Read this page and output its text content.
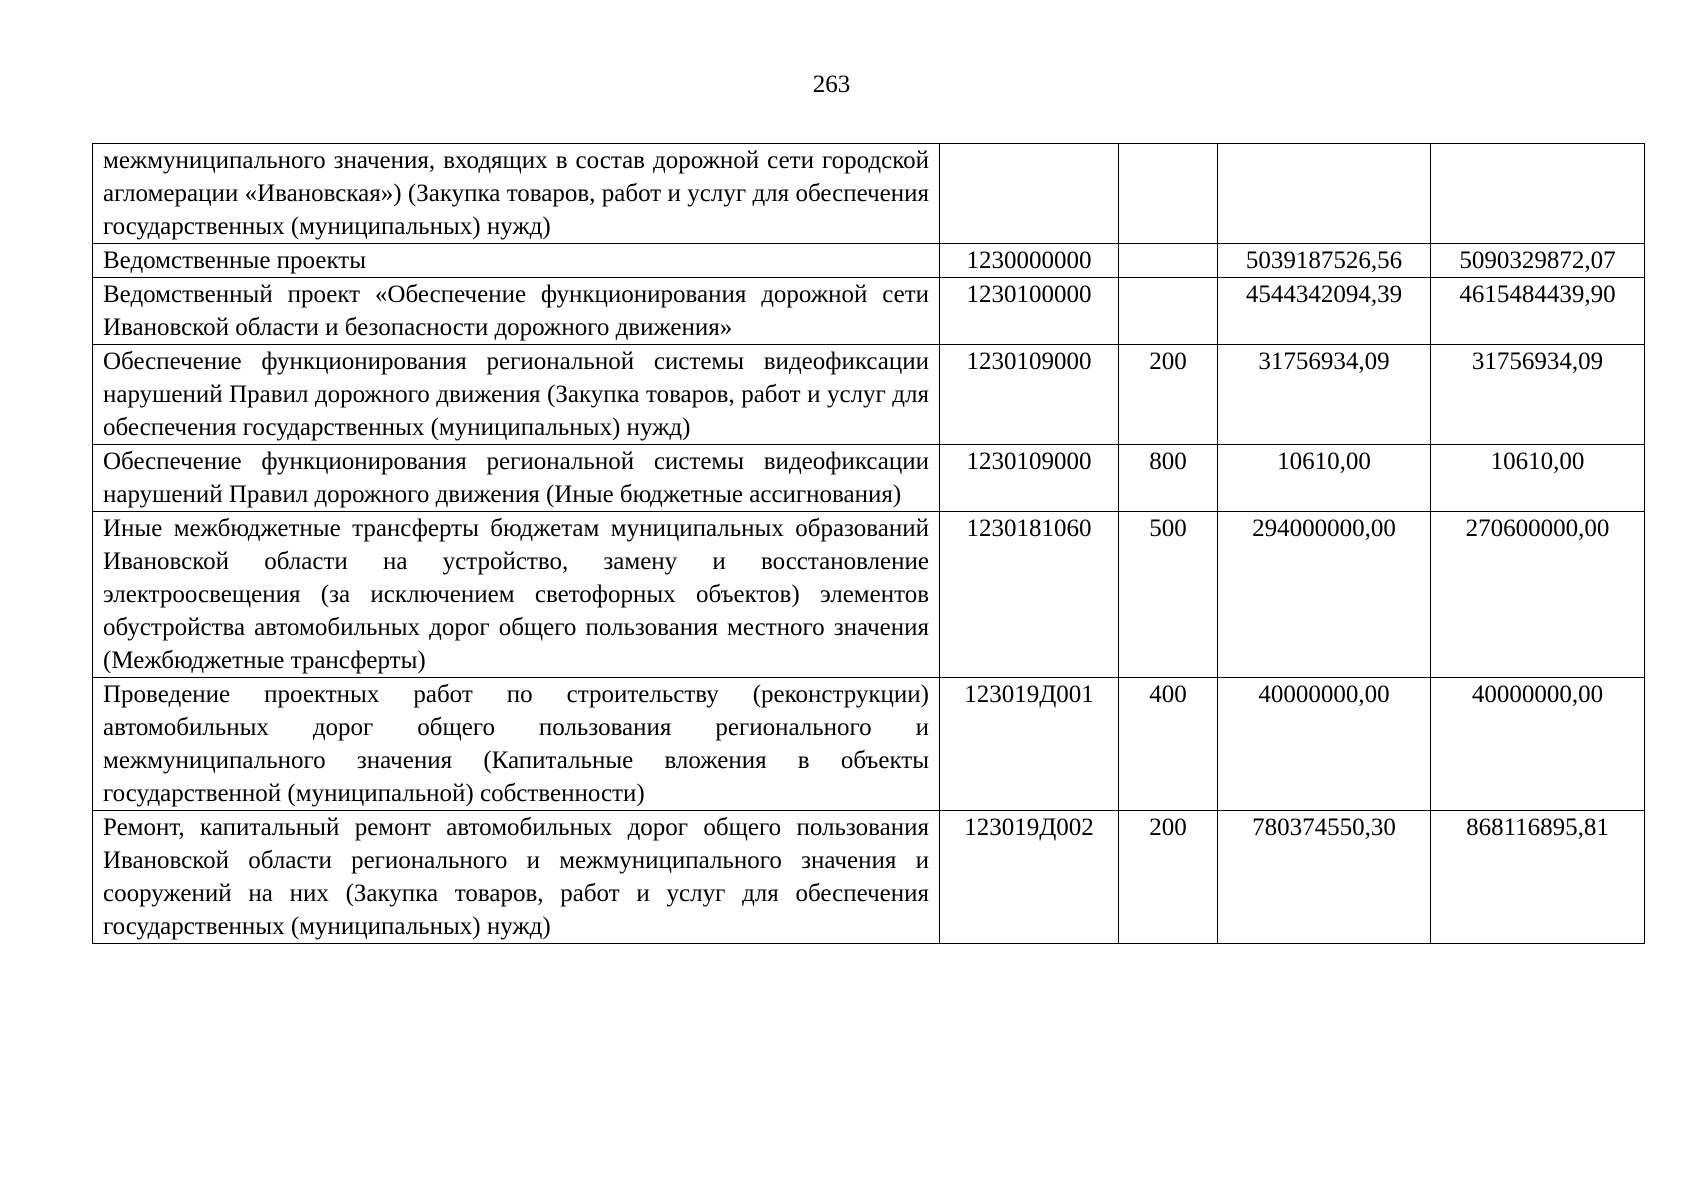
263
межмуниципального значения, входящих в состав дорожной сети городской агломерации «Ивановская») (Закупка товаров, работ и услуг для обеспечения государственных (муниципальных) нужд)				
Ведомственные проекты	1230000000		5039187526,56	5090329872,07
Ведомственный проект «Обеспечение функционирования дорожной сети Ивановской области и безопасности дорожного движения»	1230100000		4544342094,39	4615484439,90
Обеспечение функционирования региональной системы видеофиксации нарушений Правил дорожного движения (Закупка товаров, работ и услуг для обеспечения государственных (муниципальных) нужд)	1230109000	200	31756934,09	31756934,09
Обеспечение функционирования региональной системы видеофиксации нарушений Правил дорожного движения (Иные бюджетные ассигнования)	1230109000	800	10610,00	10610,00
Иные межбюджетные трансферты бюджетам муниципальных образований Ивановской области на устройство, замену и восстановление электроосвещения (за исключением светофорных объектов) элементов обустройства автомобильных дорог общего пользования местного значения (Межбюджетные трансферты)	1230181060	500	294000000,00	270600000,00
Проведение проектных работ по строительству (реконструкции) автомобильных дорог общего пользования регионального и межмуниципального значения (Капитальные вложения в объекты государственной (муниципальной) собственности)	123019Д001	400	40000000,00	40000000,00
Ремонт, капитальный ремонт автомобильных дорог общего пользования Ивановской области регионального и межмуниципального значения и сооружений на них (Закупка товаров, работ и услуг для обеспечения государственных (муниципальных) нужд)	123019Д002	200	780374550,30	868116895,81
